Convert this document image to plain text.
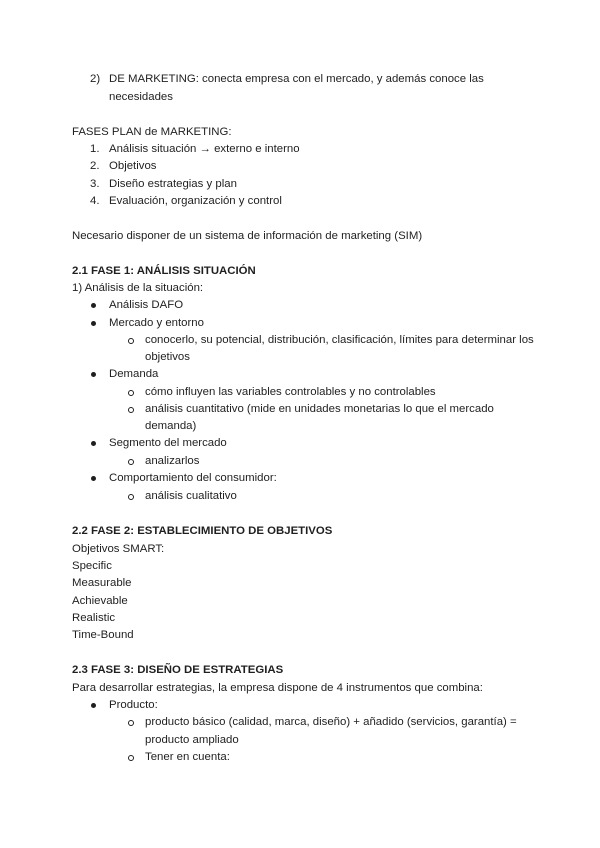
2) DE MARKETING: conecta empresa con el mercado, y además conoce las
necesidades
FASES PLAN de MARKETING:
1. Análisis situación → externo e interno
2. Objetivos
3. Diseño estrategias y plan
4. Evaluación, organización y control
Necesario disponer de un sistema de información de marketing (SIM)
2.1 FASE 1: ANÁLISIS SITUACIÓN
1) Análisis de la situación:
Análisis DAFO
Mercado y entorno
conocerlo, su potencial, distribución, clasificación, límites para determinar los
objetivos
Demanda
cómo influyen las variables controlables y no controlables
análisis cuantitativo (mide en unidades monetarias lo que el mercado
demanda)
Segmento del mercado
analizarlos
Comportamiento del consumidor:
análisis cualitativo
2.2 FASE 2: ESTABLECIMIENTO DE OBJETIVOS
Objetivos SMART:
Specific
Measurable
Achievable
Realistic
Time-Bound
2.3 FASE 3: DISEÑO DE ESTRATEGIAS
Para desarrollar estrategias, la empresa dispone de 4 instrumentos que combina:
Producto:
producto básico (calidad, marca, diseño) + añadido (servicios, garantía) =
producto ampliado
Tener en cuenta:
